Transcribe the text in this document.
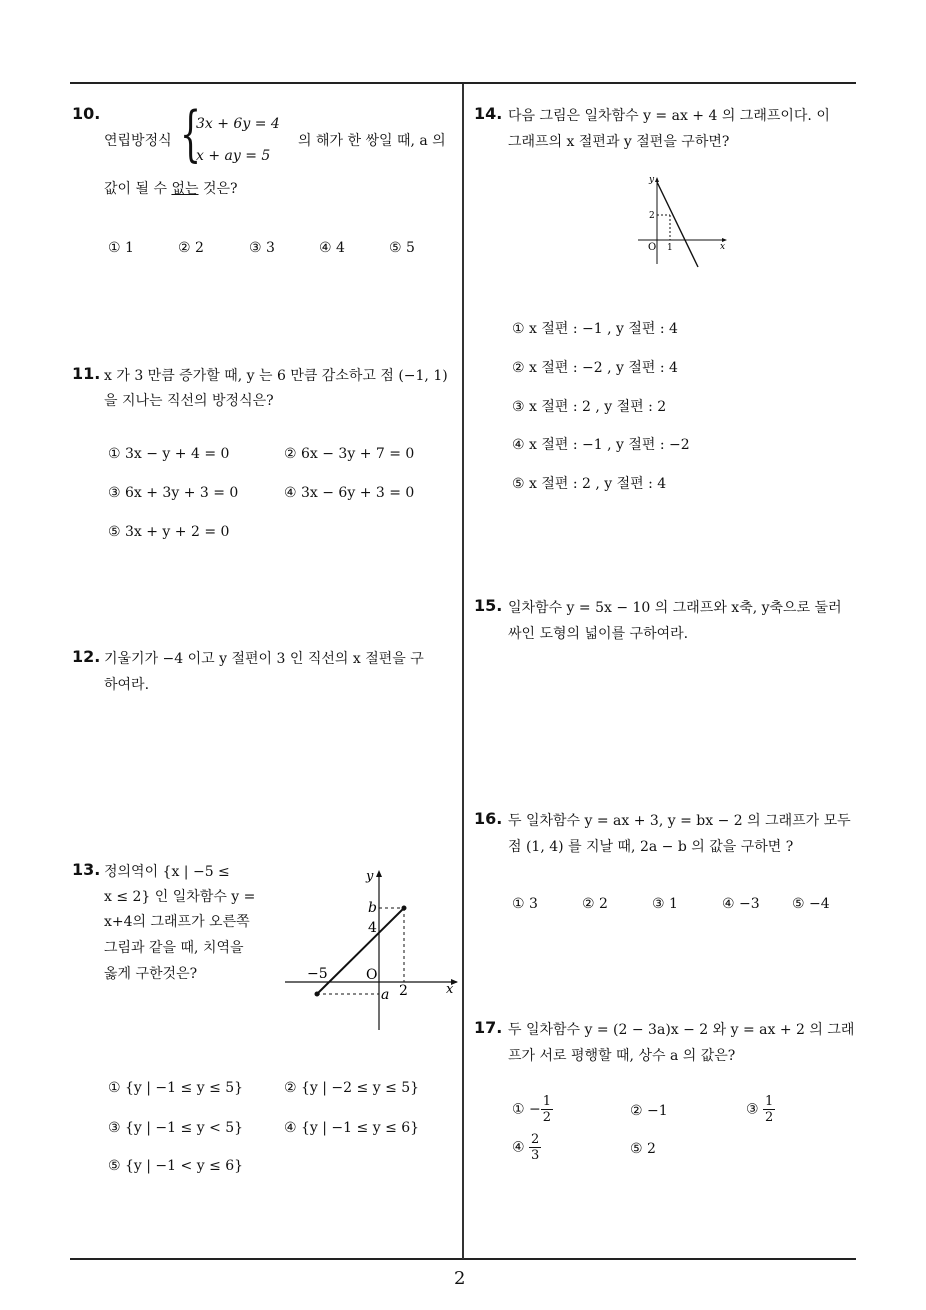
10.
연립방정식 {
3x + 6y = 4
x + ay = 5
의 해가 한 쌍일 때, a 의
값이 될 수 없는 것은?
① 1	② 2	③ 3	④ 4	⑤ 5
11. x 가 3 만큼 증가할 때, y 는 6 만큼 감소하고 점 (−1, 1)
을 지나는 직선의 방정식은?
① 3x − y + 4 = 0	② 6x − 3y + 7 = 0
③ 6x + 3y + 3 = 0	④ 3x − 6y + 3 = 0
⑤ 3x + y + 2 = 0
12. 기울기가 −4 이고 y 절편이 3 인 직선의 x 절편을 구
하여라.
13. 정의역이 {x | −5 ≤
x ≤ 2} 인 일차함수 y =
x+4의 그래프가 오른쪽
그림과 같을 때, 치역을
옳게 구한것은?
y
b
4
O
−5
2
a	x
① {y | −1 ≤ y ≤ 5}	② {y | −2 ≤ y ≤ 5}
③ {y | −1 ≤ y < 5}	④ {y | −1 ≤ y ≤ 6}
⑤ {y | −1 < y ≤ 6}
14. 다음 그림은 일차함수 y = ax + 4 의 그래프이다. 이
그래프의 x 절편과 y 절편을 구하면?
y
2
O 1	x
① x 절편 : −1 , y 절편 : 4
② x 절편 : −2 , y 절편 : 4
③ x 절편 : 2 , y 절편 : 2
④ x 절편 : −1 , y 절편 : −2
⑤ x 절편 : 2 , y 절편 : 4
15. 일차함수 y = 5x − 10 의 그래프와 x축, y축으로 둘러
싸인 도형의 넓이를 구하여라.
16. 두 일차함수 y = ax + 3, y = bx − 2 의 그래프가 모두
점 (1, 4) 를 지날 때, 2a − b 의 값을 구하면 ?
① 3	② 2	③ 1	④ −3 ⑤ −4
17. 두 일차함수 y = (2 − 3a)x − 2 와 y = ax + 2 의 그래
프가 서로 평행할 때, 상수 a 의 값은?
① − $\frac{1}{2}$	② −1	③ $\frac{1}{2}$
④ $\frac{2}{3}$	⑤ 2
2
